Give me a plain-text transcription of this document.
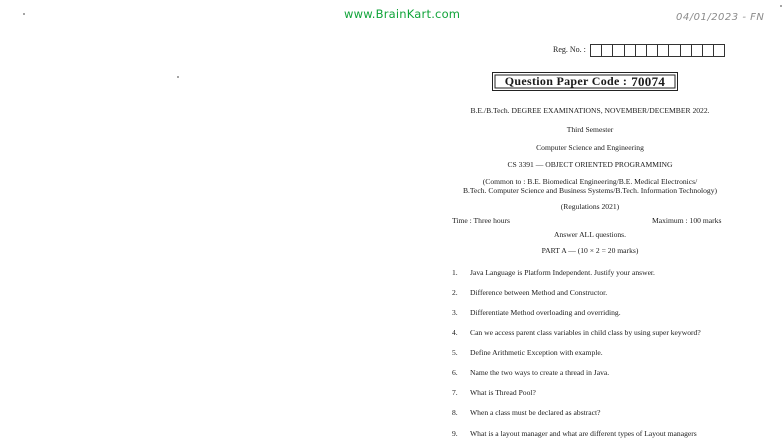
www.BrainKart.com	04/01/2023 - FN
Reg. No. :
Question Paper Code : 70074
B.E./B.Tech. DEGREE EXAMINATIONS, NOVEMBER/DECEMBER 2022.
Third Semester
Computer Science and Engineering
CS 3391 — OBJECT ORIENTED PROGRAMMING
(Common to : B.E. Biomedical Engineering/B.E. Medical Electronics/
B.Tech. Computer Science and Business Systems/B.Tech. Information Technology)
(Regulations 2021)
Time : Three hours	Maximum : 100 marks
Answer ALL questions.
PART A — (10 × 2 = 20 marks)
1. Java Language is Platform Independent. Justify your answer.
2. Difference between Method and Constructor.
3. Differentiate Method overloading and overriding.
4. Can we access parent class variables in child class by using super keyword?
5. Define Arithmetic Exception with example.
6. Name the two ways to create a thread in Java.
7. What is Thread Pool?
8. When a class must be declared as abstract?
9. What is a layout manager and what are different types of Layout managers
